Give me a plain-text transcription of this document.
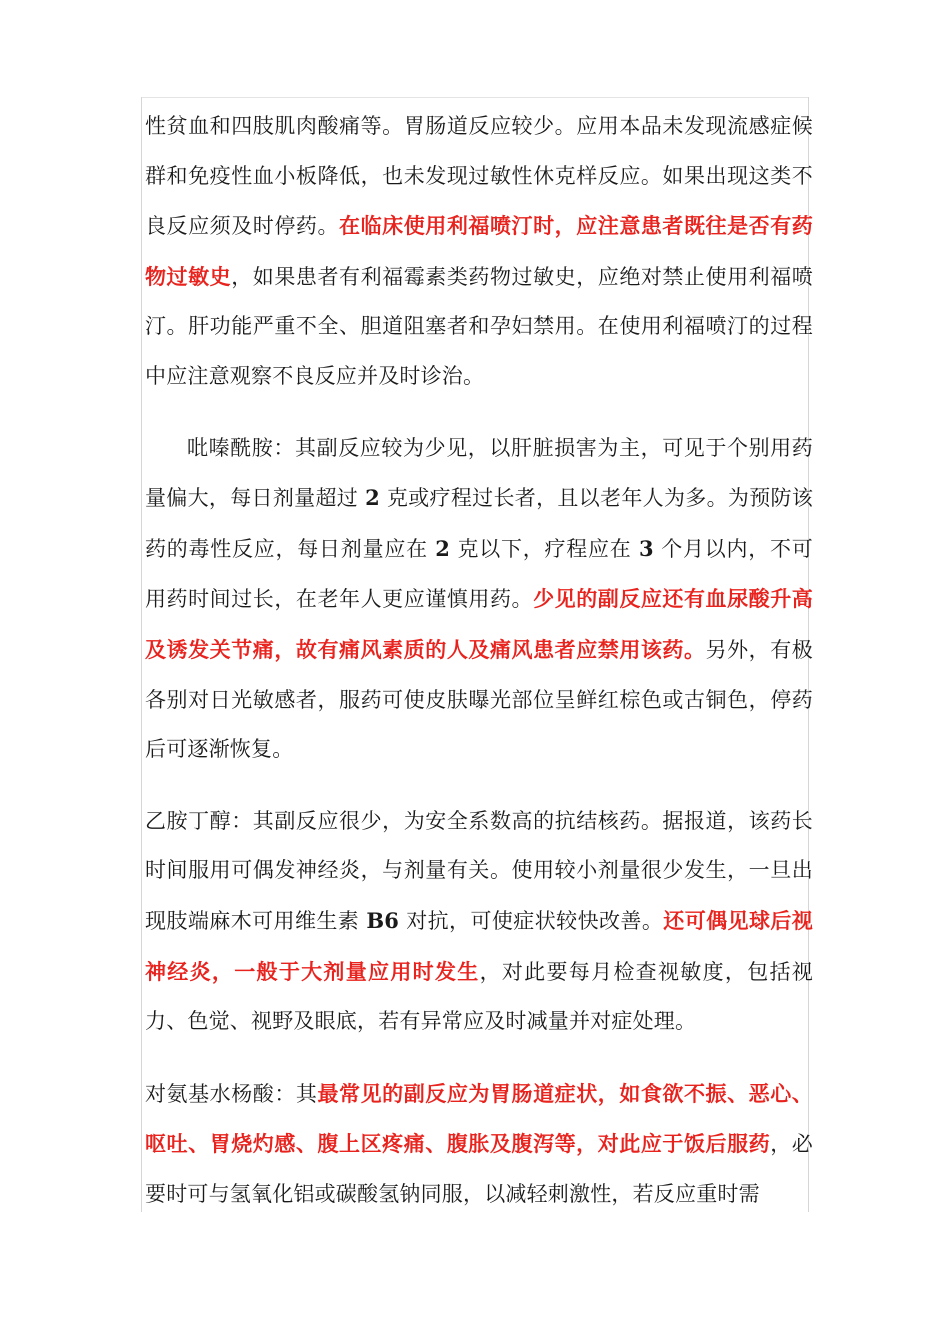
性贫血和四肢肌肉酸痛等。胃肠道反应较少。应用本品未发现流感症候群和免疫性血小板降低，也未发现过敏性休克样反应。如果出现这类不良反应须及时停药。在临床使用利福喷汀时，应注意患者既往是否有药物过敏史，如果患者有利福霉素类药物过敏史，应绝对禁止使用利福喷汀。肝功能严重不全、胆道阻塞者和孕妇禁用。在使用利福喷汀的过程中应注意观察不良反应并及时诊治。

吡嗪酰胺：其副反应较为少见，以肝脏损害为主，可见于个别用药量偏大，每日剂量超过 2 克或疗程过长者，且以老年人为多。为预防该药的毒性反应，每日剂量应在 2 克以下，疗程应在 3 个月以内，不可用药时间过长，在老年人更应谨慎用药。少见的副反应还有血尿酸升高及诱发关节痛，故有痛风素质的人及痛风患者应禁用该药。另外，有极各别对日光敏感者，服药可使皮肤曝光部位呈鲜红棕色或古铜色，停药后可逐渐恢复。

乙胺丁醇：其副反应很少，为安全系数高的抗结核药。据报道，该药长时间服用可偶发神经炎，与剂量有关。使用较小剂量很少发生，一旦出现肢端麻木可用维生素 B6 对抗，可使症状较快改善。还可偶见球后视神经炎，一般于大剂量应用时发生，对此要每月检查视敏度，包括视力、色觉、视野及眼底，若有异常应及时减量并对症处理。

对氨基水杨酸：其最常见的副反应为胃肠道症状，如食欲不振、恶心、呕吐、胃烧灼感、腹上区疼痛、腹胀及腹泻等，对此应于饭后服药，必要时可与氢氧化铝或碳酸氢钠同服，以减轻刺激性，若反应重时需
